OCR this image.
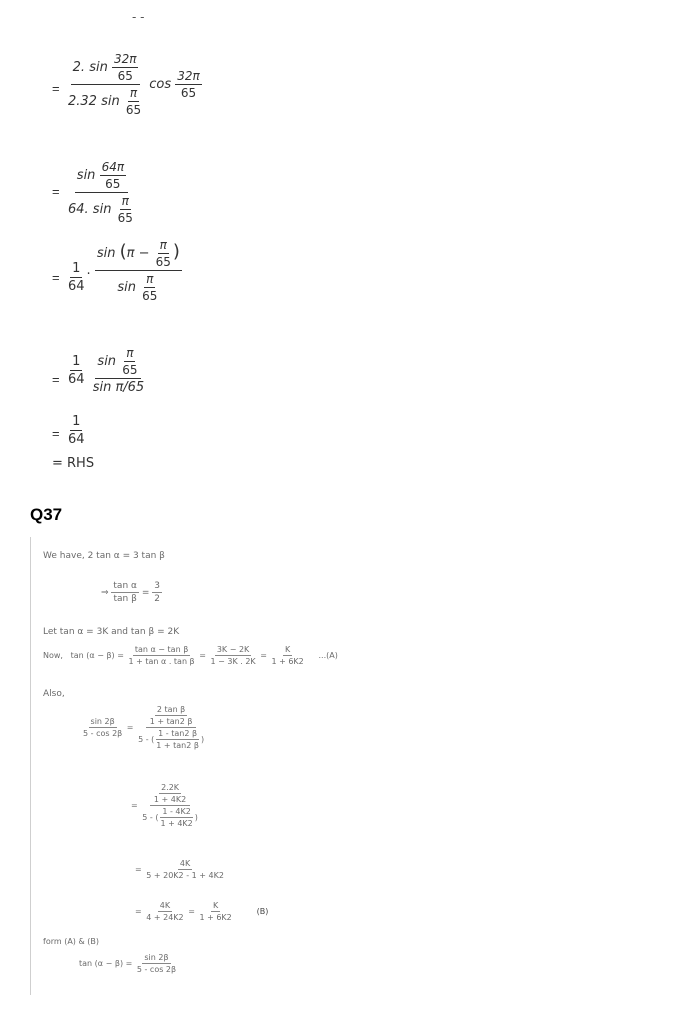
- -
= $\frac{2. \sin \frac{32\pi}{65}}{2.32 \sin \frac{\pi}{65}}$ $\cos \frac{32\pi}{65}$
= $\frac{\sin \frac{64\pi}{65}}{64. \sin \frac{\pi}{65}}$
= $\frac{1}{64}$ . $\frac{\sin (\pi - \frac{\pi}{65} )}{\sin \frac{\pi}{65}}$
= $\frac{1}{64}$
$\frac{\sin \frac{\pi}{65}}{\text{sin π/65}}$
= $\frac{1}{64}$
= RHS
Q37
We have, 2 tan α = 3 tan β
⇒ $\frac{\text{tan α}}{\text{tan β}} = \frac{3}{2}$
Let tan α = 3K and tan β = 2K
Now, $\tan (\alpha - \beta) = \frac{\text{tan α − tan β}}{\text{1 + tan α . tan β}} = \frac{3K - 2K}{1 - 3K . 2K} = \frac{K}{1 + 6K2} ...(A)$
Also,
$\frac{\sin 2\beta}{5 - \cos 2\beta} = \frac{\frac{\text{2 tan β}}{1 + \tan 2 \beta}}{5 - ( \frac{1 - \tan 2 \beta}{1 + \tan 2 \beta} )}$
= $\frac{\frac{2.2K}{1 + 4K2}}{5 - ( \frac{1 - 4K2}{1 + 4K2} )}$
= $\frac{4K}{5 + 20K2 - 1 + 4K2}$
= $\frac{4K}{4 + 24K2} = \frac{K}{1 + 6K2}$	(B)
form (A) & (B)
$\tan (\alpha - \beta) = \frac{\sin 2\beta}{5 - \cos 2\beta}$
